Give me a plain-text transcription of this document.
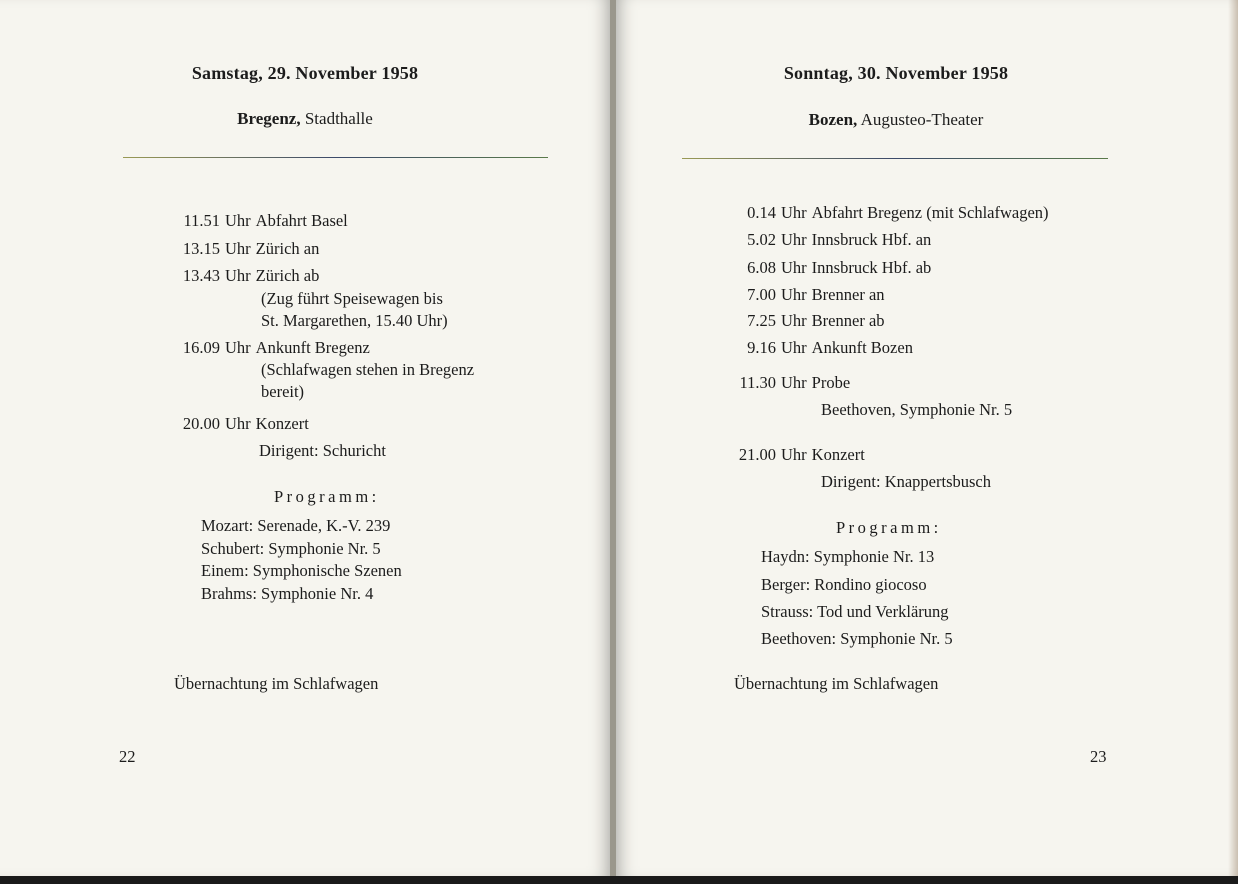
Samstag, 29. November 1958
Bregenz, Stadthalle
11.51 Uhr Abfahrt Basel
13.15 Uhr Zürich an
13.43 Uhr Zürich ab
(Zug führt Speisewagen bis
St. Margarethen, 15.40 Uhr)
16.09 Uhr Ankunft Bregenz
(Schlafwagen stehen in Bregenz
bereit)
20.00 Uhr Konzert
Dirigent: Schuricht
Programm:
Mozart: Serenade, K.-V. 239
Schubert: Symphonie Nr. 5
Einem: Symphonische Szenen
Brahms: Symphonie Nr. 4
Übernachtung im Schlafwagen
22
Sonntag, 30. November 1958
Bozen, Augusteo-Theater
0.14 Uhr Abfahrt Bregenz (mit Schlafwagen)
5.02 Uhr Innsbruck Hbf. an
6.08 Uhr Innsbruck Hbf. ab
7.00 Uhr Brenner an
7.25 Uhr Brenner ab
9.16 Uhr Ankunft Bozen
11.30 Uhr Probe
Beethoven, Symphonie Nr. 5
21.00 Uhr Konzert
Dirigent: Knappertsbusch
Programm:
Haydn: Symphonie Nr. 13
Berger: Rondino giocoso
Strauss: Tod und Verklärung
Beethoven: Symphonie Nr. 5
Übernachtung im Schlafwagen
23
